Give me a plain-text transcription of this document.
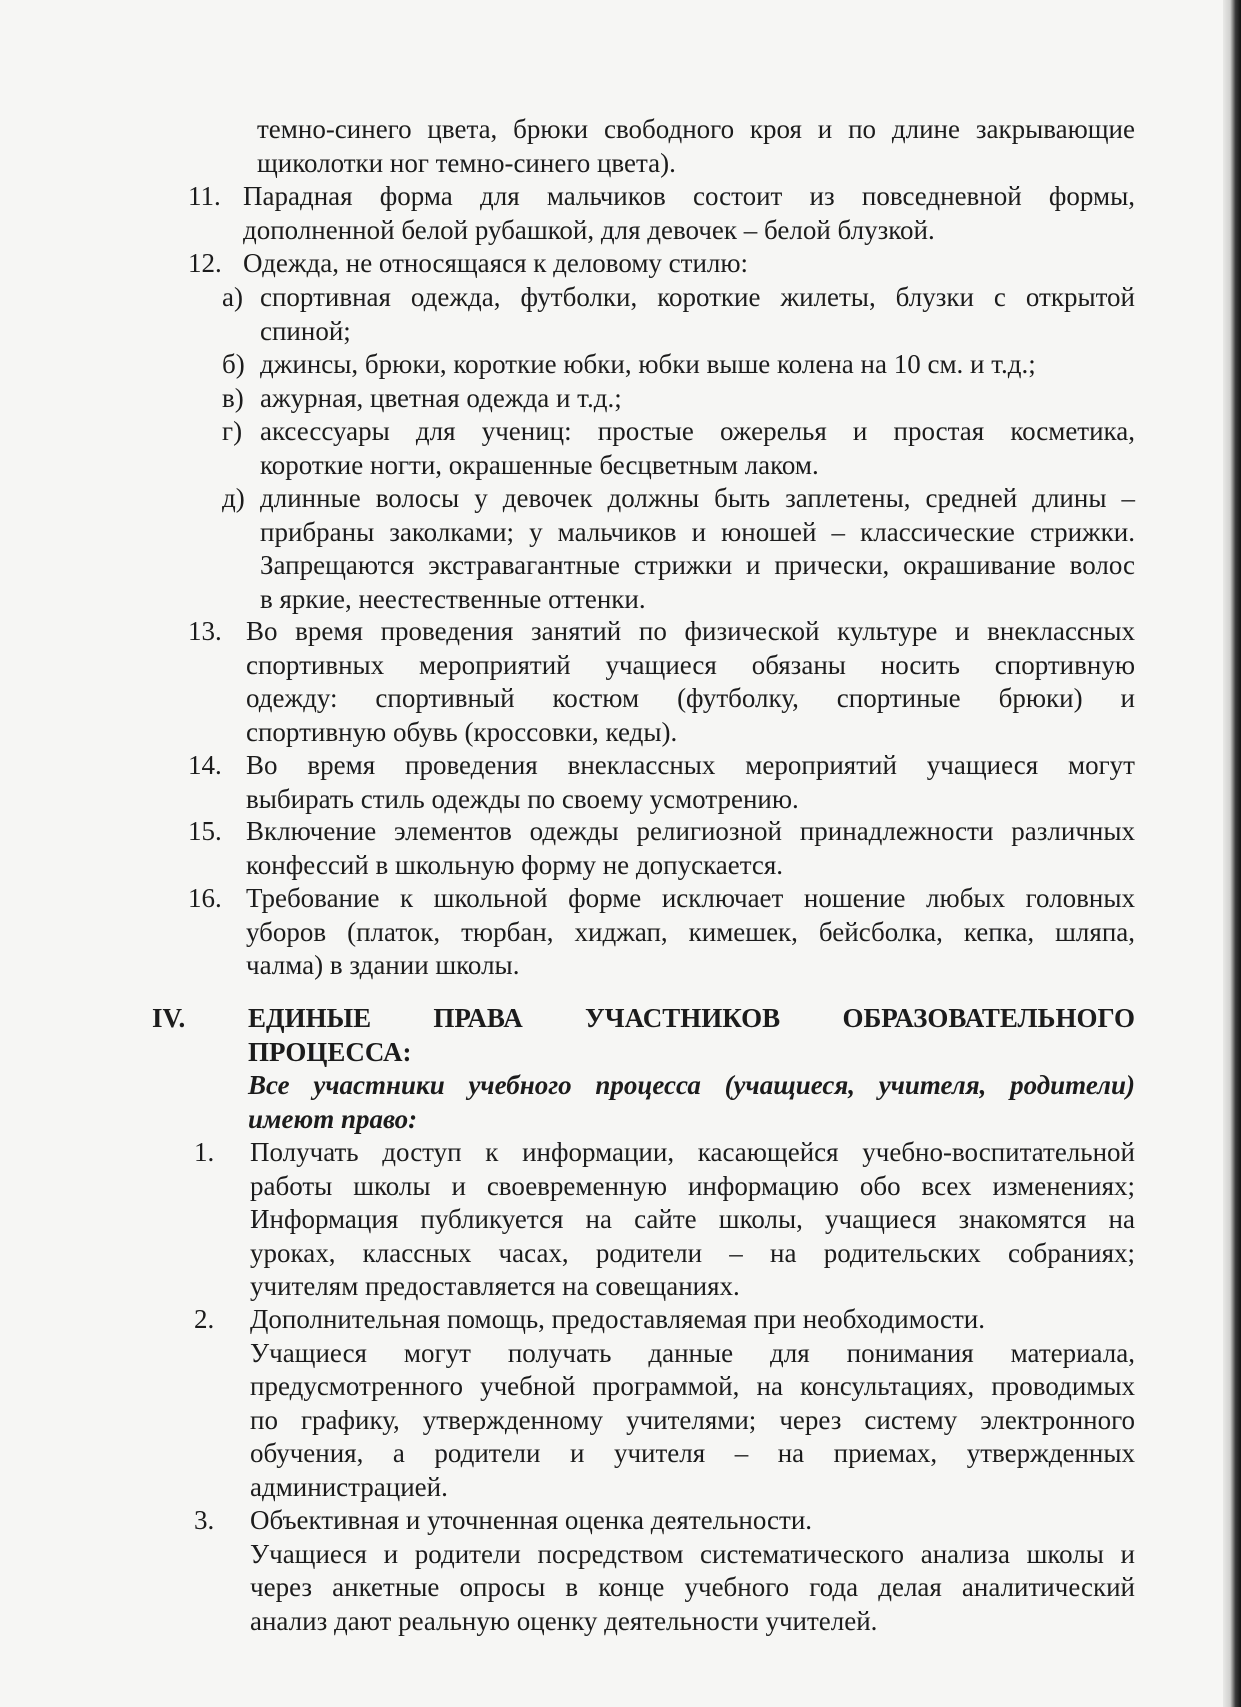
темно-синего цвета, брюки свободного кроя и по длине закрывающие

щиколотки ног темно-синего цвета).

11. Парадная форма для мальчиков состоит из повседневной формы,

дополненной белой рубашкой, для девочек – белой блузкой.

12. Одежда, не относящаяся к деловому стилю:

а) спортивная одежда, футболки, короткие жилеты, блузки с открытой

спиной;

б) джинсы, брюки, короткие юбки, юбки выше колена на 10 см. и т.д.;

в) ажурная, цветная одежда и т.д.;

г) аксессуары для учениц: простые ожерелья и простая косметика,

короткие ногти, окрашенные бесцветным лаком.

д) длинные волосы у девочек должны быть заплетены, средней длины –

прибраны заколками; у мальчиков и юношей – классические стрижки.

Запрещаются экстравагантные стрижки и прически, окрашивание волос

в яркие, неестественные оттенки.

13. Во время проведения занятий по физической культуре и внеклассных

спортивных мероприятий учащиеся обязаны носить спортивную

одежду: спортивный костюм (футболку, спортиные брюки) и

спортивную обувь (кроссовки, кеды).

14. Во время проведения внеклассных мероприятий учащиеся могут

выбирать стиль одежды по своему усмотрению.

15. Включение элементов одежды религиозной принадлежности различных

конфессий в школьную форму не допускается.

16. Требование к школьной форме исключает ношение любых головных

уборов (платок, тюрбан, хиджап, кимешек, бейсболка, кепка, шляпа,

чалма) в здании школы.

IV. ЕДИНЫЕ ПРАВА УЧАСТНИКОВ ОБРАЗОВАТЕЛЬНОГО

ПРОЦЕССА:

Все участники учебного процесса (учащиеся, учителя, родители)

имеют право:

1. Получать доступ к информации, касающейся учебно-воспитательной

работы школы и своевременную информацию обо всех изменениях;

Информация публикуется на сайте школы, учащиеся знакомятся на

уроках, классных часах, родители – на родительских собраниях;

учителям предоставляется на совещаниях.

2. Дополнительная помощь, предоставляемая при необходимости.

Учащиеся могут получать данные для понимания материала,

предусмотренного учебной программой, на консультациях, проводимых

по графику, утвержденному учителями; через систему электронного

обучения, а родители и учителя – на приемах, утвержденных

администрацией.

3. Объективная и уточненная оценка деятельности.

Учащиеся и родители посредством систематического анализа школы и

через анкетные опросы в конце учебного года делая аналитический

анализ дают реальную оценку деятельности учителей.
